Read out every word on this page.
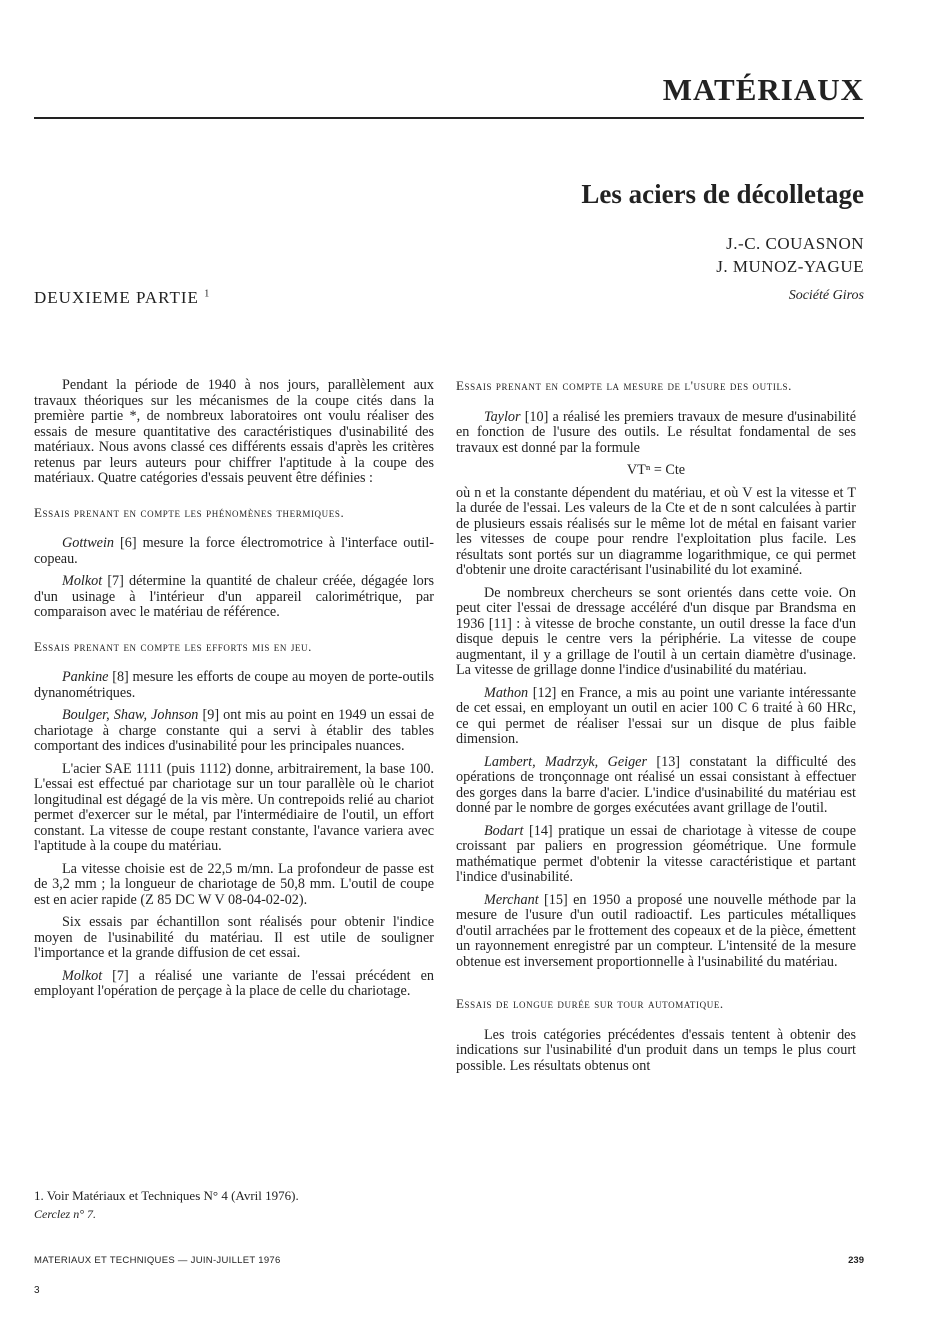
MATÉRIAUX
Les aciers de décolletage
J.-C. COUASNON
J. MUNOZ-YAGUE
Société Giros
DEUXIEME PARTIE $^1$

Pendant la période de 1940 à nos jours, parallèlement aux travaux théoriques sur les mécanismes de la coupe cités dans la première partie *, de nombreux laboratoires ont voulu réaliser des essais de mesure quantitative des caractéristiques d'usinabilité des matériaux. Nous avons classé ces différents essais d'après les critères retenus par leurs auteurs pour chiffrer l'aptitude à la coupe des matériaux. Quatre catégories d'essais peuvent être définies :

Essais prenant en compte les phénomènes thermiques.

Gottwein [6] mesure la force électromotrice à l'interface outil-copeau.

Molkot [7] détermine la quantité de chaleur créée, dégagée lors d'un usinage à l'intérieur d'un appareil calorimétrique, par comparaison avec le matériau de référence.

Essais prenant en compte les efforts mis en jeu.

Pankine [8] mesure les efforts de coupe au moyen de porte-outils dynanométriques.

Boulger, Shaw, Johnson [9] ont mis au point en 1949 un essai de chariotage à charge constante qui a servi à établir des tables comportant des indices d'usinabilité pour les principales nuances.

L'acier SAE 1111 (puis 1112) donne, arbitrairement, la base 100. L'essai est effectué par chariotage sur un tour parallèle où le chariot longitudinal est dégagé de la vis mère. Un contrepoids relié au chariot permet d'exercer sur le métal, par l'intermédiaire de l'outil, un effort constant. La vitesse de coupe restant constante, l'avance variera avec l'aptitude à la coupe du matériau.

La vitesse choisie est de 22,5 m/mn. La profondeur de passe est de 3,2 mm ; la longueur de chariotage de 50,8 mm. L'outil de coupe est en acier rapide (Z 85 DC W V 08-04-02-02).

Six essais par échantillon sont réalisés pour obtenir l'indice moyen de l'usinabilité du matériau. Il est utile de souligner l'importance et la grande diffusion de cet essai.

Molkot [7] a réalisé une variante de l'essai précédent en employant l'opération de perçage à la place de celle du chariotage.

Essais prenant en compte la mesure de l'usure des outils.

Taylor [10] a réalisé les premiers travaux de mesure d'usinabilité en fonction de l'usure des outils. Le résultat fondamental de ses travaux est donné par la formule

VTⁿ = Cte

où n et la constante dépendent du matériau, et où V est la vitesse et T la durée de l'essai. Les valeurs de la Cte et de n sont calculées à partir de plusieurs essais réalisés sur le même lot de métal en faisant varier les vitesses de coupe pour rendre l'exploitation plus facile. Les résultats sont portés sur un diagramme logarithmique, ce qui permet d'obtenir une droite caractérisant l'usinabilité du lot examiné.

De nombreux chercheurs se sont orientés dans cette voie. On peut citer l'essai de dressage accéléré d'un disque par Brandsma en 1936 [11] : à vitesse de broche constante, un outil dresse la face d'un disque depuis le centre vers la périphérie. La vitesse de coupe augmentant, il y a grillage de l'outil à un certain diamètre d'usinage. La vitesse de grillage donne l'indice d'usinabilité du matériau.

Mathon [12] en France, a mis au point une variante intéressante de cet essai, en employant un outil en acier 100 C 6 traité à 60 HRc, ce qui permet de réaliser l'essai sur un disque de plus faible dimension.

Lambert, Madrzyk, Geiger [13] constatant la difficulté des opérations de tronçonnage ont réalisé un essai consistant à effectuer des gorges dans la barre d'acier. L'indice d'usinabilité du matériau est donné par le nombre de gorges exécutées avant grillage de l'outil.

Bodart [14] pratique un essai de chariotage à vitesse de coupe croissant par paliers en progression géométrique. Une formule mathématique permet d'obtenir la vitesse caractéristique et partant l'indice d'usinabilité.

Merchant [15] en 1950 a proposé une nouvelle méthode par la mesure de l'usure d'un outil radioactif. Les particules métalliques d'outil arrachées par le frottement des copeaux et de la pièce, émettent un rayonnement enregistré par un compteur. L'intensité de la mesure obtenue est inversement proportionnelle à l'usinabilité du matériau.

Essais de longue durée sur tour automatique.

Les trois catégories précédentes d'essais tentent à obtenir des indications sur l'usinabilité d'un produit dans un temps le plus court possible. Les résultats obtenus ont

1. Voir Matériaux et Techniques N° 4 (Avril 1976).
Cerclez n° 7.
MATERIAUX ET TECHNIQUES — JUIN-JUILLET 1976	239
3
